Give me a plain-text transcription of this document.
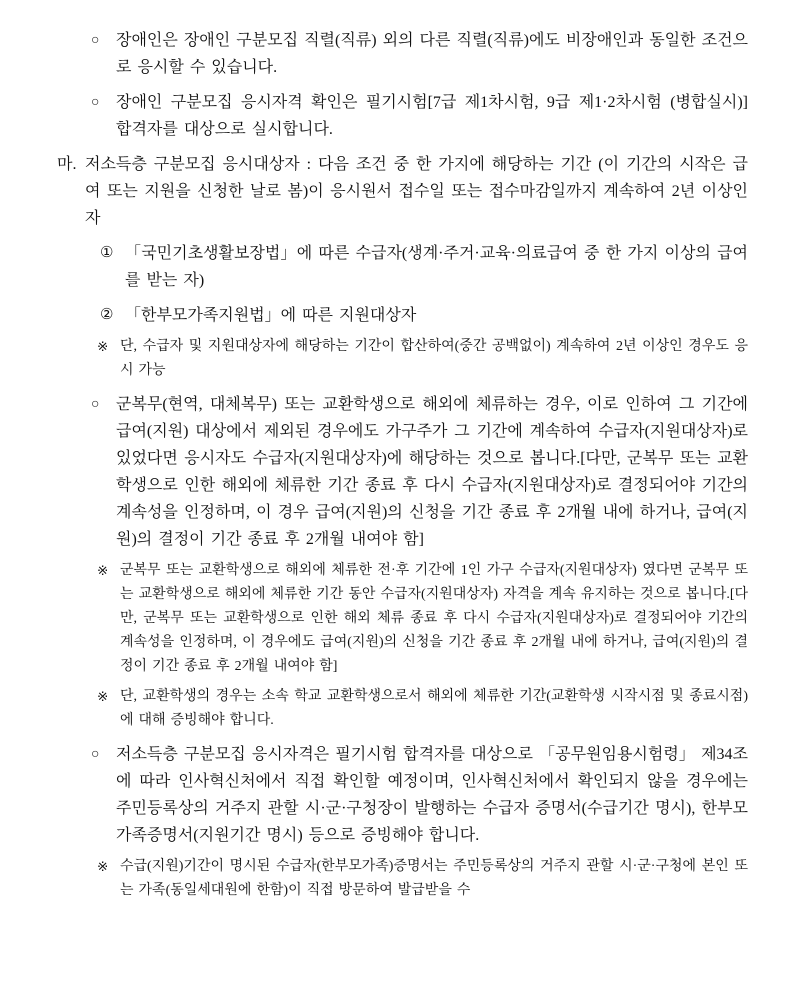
○	장애인은 장애인 구분모집 직렬(직류) 외의 다른 직렬(직류)에도 비장애인과 동일한 조건으로 응시할 수 있습니다.
○	장애인 구분모집 응시자격 확인은 필기시험[7급 제1차시험, 9급 제1·2차시험 (병합실시)] 합격자를 대상으로 실시합니다.
마. 저소득층 구분모집 응시대상자 : 다음 조건 중 한 가지에 해당하는 기간 (이 기간의 시작은 급여 또는 지원을 신청한 날로 봄)이 응시원서 접수일 또는 접수마감일까지 계속하여 2년 이상인 자
① 「국민기초생활보장법」에 따른 수급자(생계·주거·교육·의료급여 중 한 가지 이상의 급여를 받는 자)
② 「한부모가족지원법」에 따른 지원대상자
※ 단, 수급자 및 지원대상자에 해당하는 기간이 합산하여(중간 공백없이) 계속하여 2년 이상인 경우도 응시 가능
○	군복무(현역, 대체복무) 또는 교환학생으로 해외에 체류하는 경우, 이로 인하여 그 기간에 급여(지원) 대상에서 제외된 경우에도 가구주가 그 기간에 계속하여 수급자(지원대상자)로 있었다면 응시자도 수급자(지원대상자)에 해당하는 것으로 봅니다.[다만, 군복무 또는 교환학생으로 인한 해외에 체류한 기간 종료 후 다시 수급자(지원대상자)로 결정되어야 기간의 계속성을 인정하며, 이 경우 급여(지원)의 신청을 기간 종료 후 2개월 내에 하거나, 급여(지원)의 결정이 기간 종료 후 2개월 내여야 함]
※ 군복무 또는 교환학생으로 해외에 체류한 전·후 기간에 1인 가구 수급자(지원대상자) 였다면 군복무 또는 교환학생으로 해외에 체류한 기간 동안 수급자(지원대상자) 자격을 계속 유지하는 것으로 봅니다.[다만, 군복무 또는 교환학생으로 인한 해외 체류 종료 후 다시 수급자(지원대상자)로 결정되어야 기간의 계속성을 인정하며, 이 경우에도 급여(지원)의 신청을 기간 종료 후 2개월 내에 하거나, 급여(지원)의 결정이 기간 종료 후 2개월 내여야 함]
※ 단, 교환학생의 경우는 소속 학교 교환학생으로서 해외에 체류한 기간(교환학생 시작시점 및 종료시점)에 대해 증빙해야 합니다.
○	저소득층 구분모집 응시자격은 필기시험 합격자를 대상으로 「공무원임용시험령」 제34조에 따라 인사혁신처에서 직접 확인할 예정이며, 인사혁신처에서 확인되지 않을 경우에는 주민등록상의 거주지 관할 시·군·구청장이 발행하는 수급자 증명서(수급기간 명시), 한부모가족증명서(지원기간 명시) 등으로 증빙해야 합니다.
※ 수급(지원)기간이 명시된 수급자(한부모가족)증명서는 주민등록상의 거주지 관할 시·군·구청에 본인 또는 가족(동일세대원에 한함)이 직접 방문하여 발급받을 수
